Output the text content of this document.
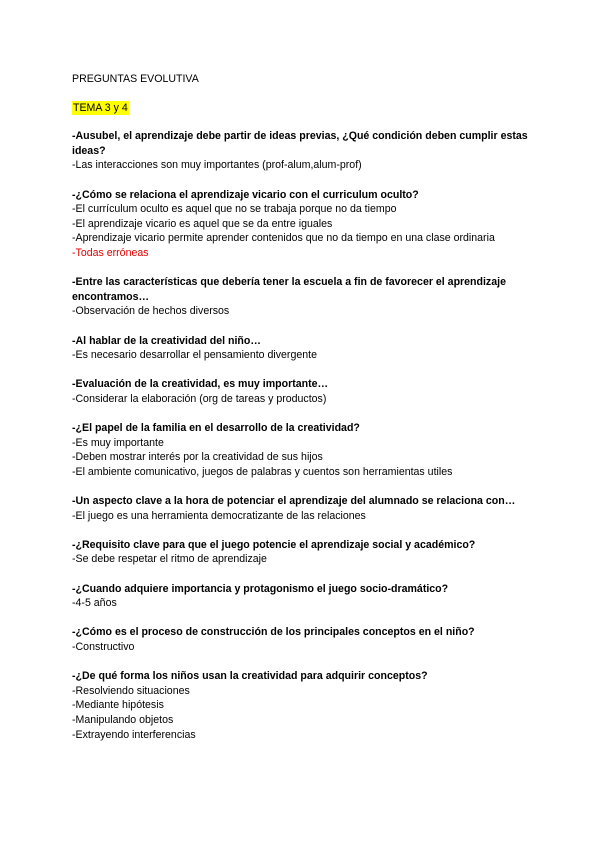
PREGUNTAS EVOLUTIVA
TEMA 3 y 4
-Ausubel, el aprendizaje debe partir de ideas previas, ¿Qué condición deben cumplir estas ideas?
-Las interacciones son muy importantes (prof-alum,alum-prof)
-¿Cómo se relaciona el aprendizaje vicario con el curriculum oculto?
-El currículum oculto es aquel que no se trabaja porque no da tiempo
-El aprendizaje vicario es aquel que se da entre iguales
-Aprendizaje vicario permite aprender contenidos que no da tiempo en una clase ordinaria
-Todas erróneas
-Entre las características que debería tener la escuela a fin de favorecer el aprendizaje encontramos…
-Observación de hechos diversos
-Al hablar de la creatividad del niño…
-Es necesario desarrollar el pensamiento divergente
-Evaluación de la creatividad, es muy importante…
-Considerar la elaboración (org de tareas y productos)
-¿El papel de la familia en el desarrollo de la creatividad?
-Es muy importante
-Deben mostrar interés por la creatividad de sus hijos
-El ambiente comunicativo, juegos de palabras y cuentos son herramientas utiles
-Un aspecto clave a la hora de potenciar el aprendizaje del alumnado se relaciona con…
-El juego es una herramienta democratizante de las relaciones
-¿Requisito clave para que el juego potencie el aprendizaje social y académico?
-Se debe respetar el ritmo de aprendizaje
-¿Cuando adquiere importancia y protagonismo el juego socio-dramático?
-4-5 años
-¿Cómo es el proceso de construcción de los principales conceptos en el niño?
-Constructivo
-¿De qué forma los niños usan la creatividad para adquirir conceptos?
-Resolviendo situaciones
-Mediante hipótesis
-Manipulando objetos
-Extrayendo interferencias
